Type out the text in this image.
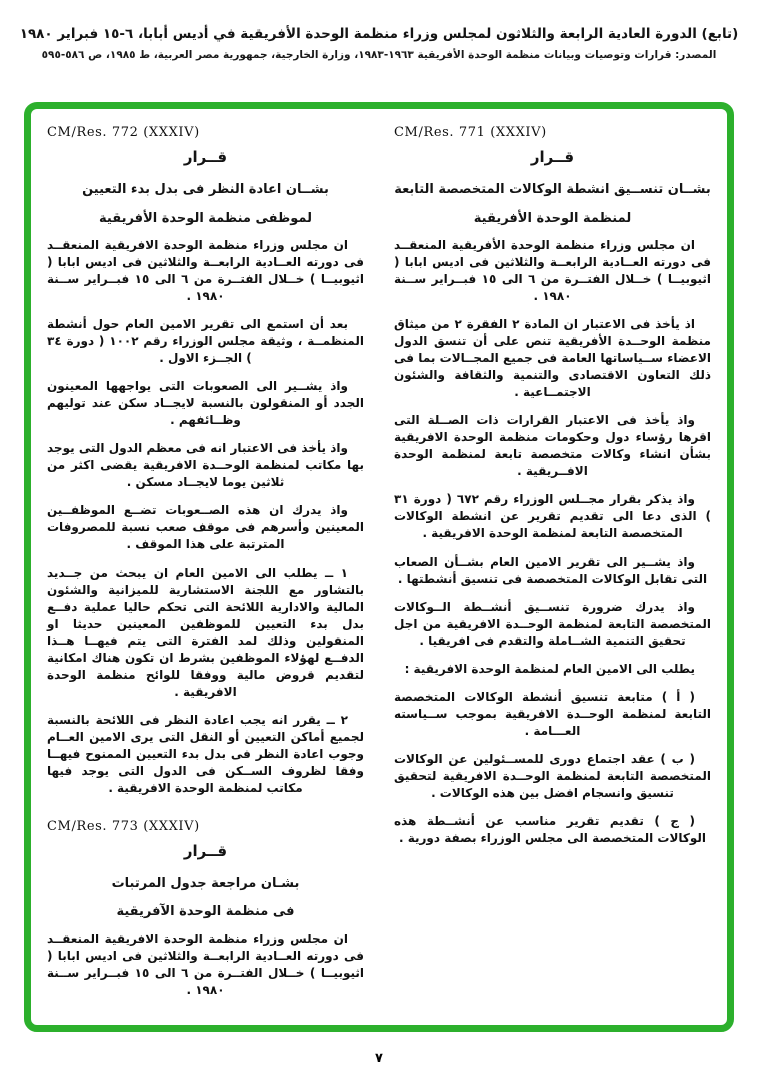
(تابع) الدورة العادية الرابعة والثلاثون لمجلس وزراء منظمة الوحدة الأفريقية في أديس أبابا، ٦-١٥ فبراير ١٩٨٠
المصدر: قرارات وتوصيات وبيانات منظمة الوحدة الأفريقية ١٩٦٣-١٩٨٣، وزارة الخارجية، جمهورية مصر العربية، ط ١٩٨٥، ص ٥٨٦-٥٩٥
CM/Res. 771 (XXXIV)
قــرار
بشــان تنســيق انشطة الوكالات المتخصصة التابعة
لمنظمة الوحدة الأفريقية

ان مجلس وزراء منظمة الوحدة الأفريقية المنعقــد فى دورته العــادية الرابعــة والثلاثين فى اديس ابابا ( اثيوبيــا ) خــلال الفتــرة من ٦ الى ١٥ فبــراير ســنة ١٩٨٠ .

اذ يأخذ فى الاعتبار ان المادة ٢ الفقرة ٢ من ميثاق منظمة الوحــدة الأفريقية تنص على أن تنسق الدول الاعضاء ســياساتها العامة فى جميع المجــالات بما فى ذلك التعاون الاقتصادى والتنمية والثقافة والشئون الاجتمــاعية .

واذ يأخذ فى الاعتبار القرارات ذات الصــلة التى اقرها رؤساء دول وحكومات منظمة الوحدة الافريقية بشأن انشاء وكالات متخصصة تابعة لمنظمة الوحدة الافــريقية .

واذ يذكر بقرار مجــلس الوزراء رقم ٦٧٢ ( دورة ٣١ ) الذى دعا الى تقديم تقرير عن انشطة الوكالات المتخصصة التابعة لمنظمة الوحدة الافريقية .

واذ يشــير الى تقرير الامين العام بشــأن الصعاب التى تقابل الوكالات المتخصصة فى تنسيق أنشطتها .

واذ يدرك ضرورة تنســيق أنشــطة الــوكالات المتخصصة التابعة لمنظمة الوحــدة الافريقية من اجل تحقيق التنمية الشــاملة والتقدم فى افريقيا .

يطلب الى الامين العام لمنظمة الوحدة الافريقية :

( أ ) متابعة تنسيق أنشطة الوكالات المتخصصة التابعة لمنظمة الوحــدة الافريقية بموجب ســياسته العـــامة .

( ب ) عقد اجتماع دورى للمســئولين عن الوكالات المتخصصة التابعة لمنظمة الوحــدة الافريقية لتحقيق تنسيق وانسجام افضل بين هذه الوكالات .

( ج ) تقديم تقرير مناسب عن أنشــطة هذه الوكالات المتخصصة الى مجلس الوزراء بصفة دورية .

CM/Res. 772 (XXXIV)
قــرار
بشــان اعادة النظر فى بدل بدء التعيين
لموظفى منظمة الوحدة الأفريقية

ان مجلس وزراء منظمة الوحدة الافريقية المنعقــد فى دورته العــادية الرابعــة والثلاثين فى اديس ابابا ( اثيوبيــا ) خــلال الفتــرة من ٦ الى ١٥ فبــراير ســنة ١٩٨٠ .

بعد أن استمع الى تقرير الامين العام حول أنشطة المنظمــة ، وثيقة مجلس الوزراء رقم ١٠٠٢ ( دورة ٣٤ ) الجــزء الاول .

واذ يشــير الى الصعوبات التى يواجهها المعينون الجدد أو المنقولون بالنسبة لايجــاد سكن عند توليهم وظــائفهم .

واذ يأخذ فى الاعتبار انه فى معظم الدول التى يوجد بها مكاتب لمنظمة الوحــدة الافريقية يقضى اكثر من ثلاثين يوما لايجــاد مسكن .

واذ يدرك ان هذه الصــعوبات تضــع الموظفــين المعينين وأسرهم فى موقف صعب نسبة للمصروفات المترتبة على هذا الموقف .

١ ــ يطلب الى الامين العام ان يبحث من جــديد بالتشاور مع اللجنة الاستشارية للميزانية والشئون المالية والادارية اللائحة التى تحكم حاليا عملية دفــع بدل بدء التعيين للموظفين المعينين حديثا او المنقولين وذلك لمد الفترة التى يتم فيهــا هــذا الدفــع لهؤلاء الموظفين بشرط ان تكون هناك امكانية لتقديم قروض مالية ووفقا للوائح منظمة الوحدة الافريقية .

٢ ــ يقرر انه يجب اعادة النظر فى اللائحة بالنسبة لجميع أماكن التعيين أو النقل التى يرى الامين العــام وجوب اعادة النظر فى بدل بدء التعيين الممنوح فيهــا وفقا لظروف الســكن فى الدول التى يوجد فيها مكاتب لمنظمة الوحدة الافريقية .

CM/Res. 773 (XXXIV)
قــرار
بشـان مراجعة جدول المرتبات
فى منظمة الوحدة الآفريقية

ان مجلس وزراء منظمة الوحدة الافريقية المنعقــد فى دورته العــادية الرابعــة والثلاثين فى اديس ابابا ( اثيوبيــا ) خــلال الفتــرة من ٦ الى ١٥ فبــراير ســنة ١٩٨٠ .

٧
